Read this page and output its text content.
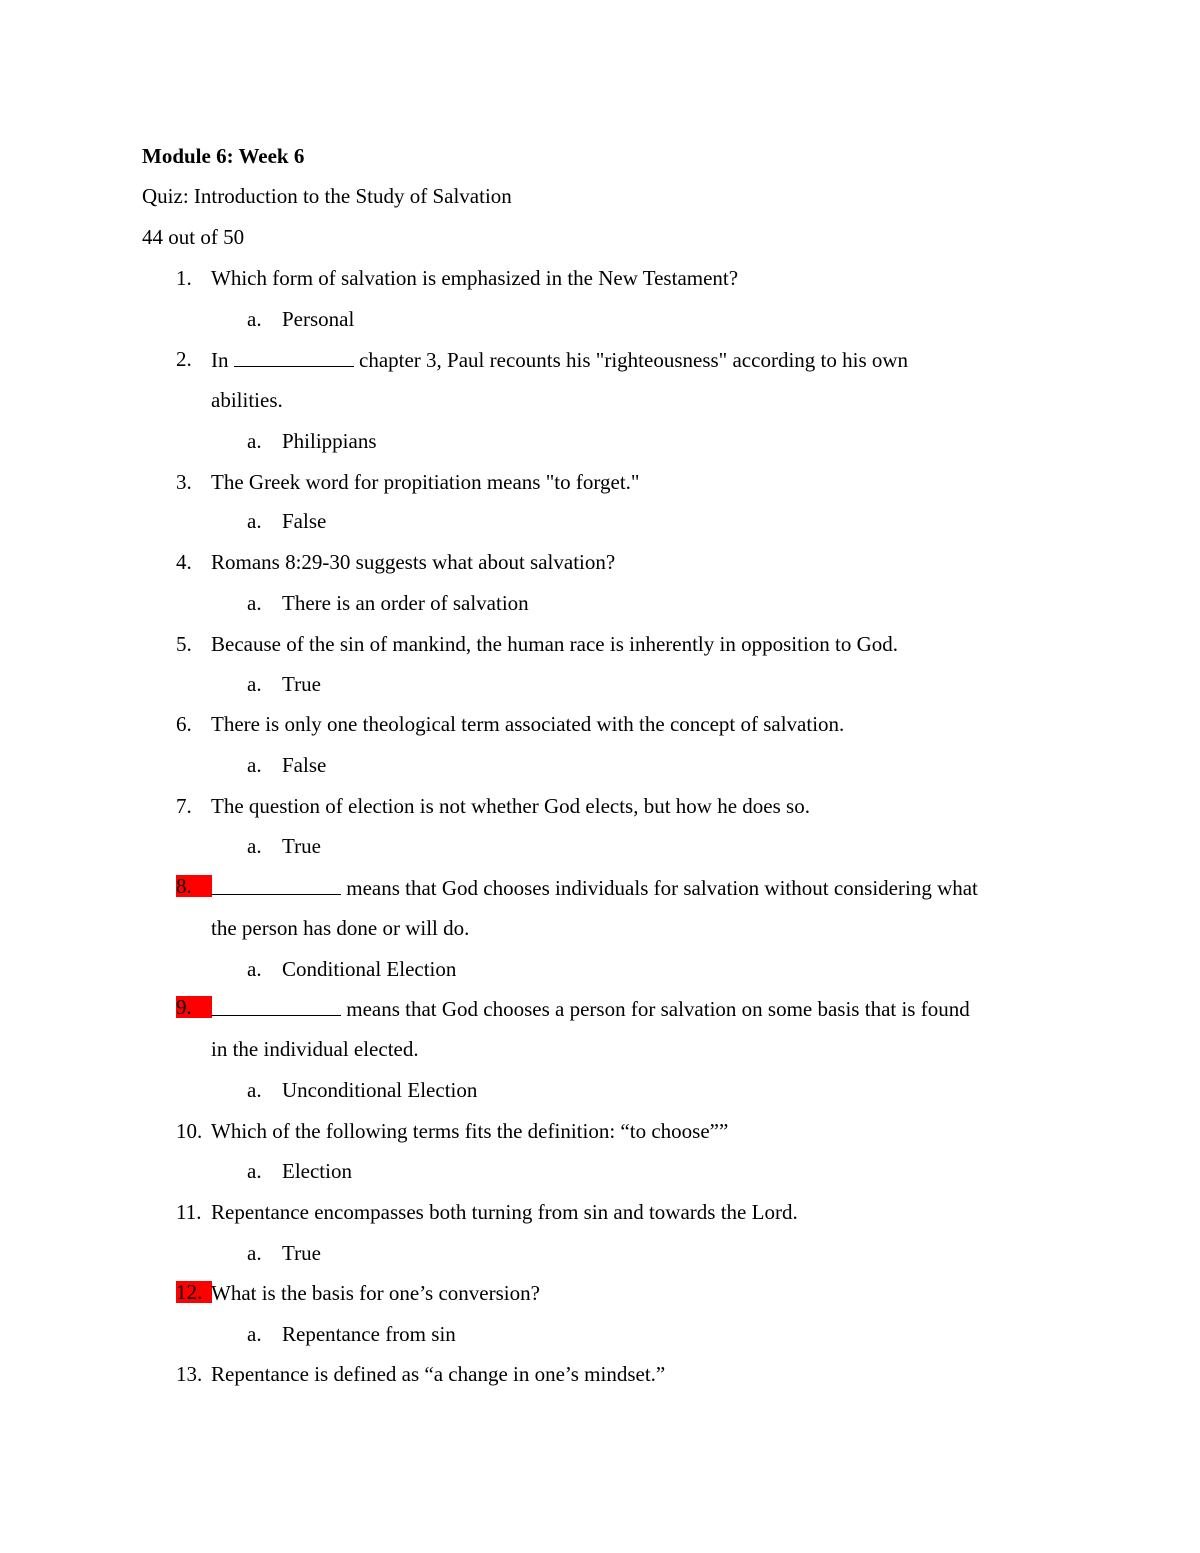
Module 6: Week 6
Quiz: Introduction to the Study of Salvation
44 out of 50
1. Which form of salvation is emphasized in the New Testament?
a. Personal
2. In	chapter 3, Paul recounts his "righteousness" according to his own
abilities.
a. Philippians
3. The Greek word for propitiation means "to forget."
a. False
4. Romans 8:29-30 suggests what about salvation?
a. There is an order of salvation
5. Because of the sin of mankind, the human race is inherently in opposition to God.
a. True
6. There is only one theological term associated with the concept of salvation.
a. False
7. The question of election is not whether God elects, but how he does so.
a. True
8.	means that God chooses individuals for salvation without considering what
the person has done or will do.
a. Conditional Election
9.	means that God chooses a person for salvation on some basis that is found
in the individual elected.
a. Unconditional Election
10. Which of the following terms fits the definition: “to choose””
a. Election
11. Repentance encompasses both turning from sin and towards the Lord.
a. True
12. What is the basis for one’s conversion?
a. Repentance from sin
13. Repentance is defined as “a change in one’s mindset.”
